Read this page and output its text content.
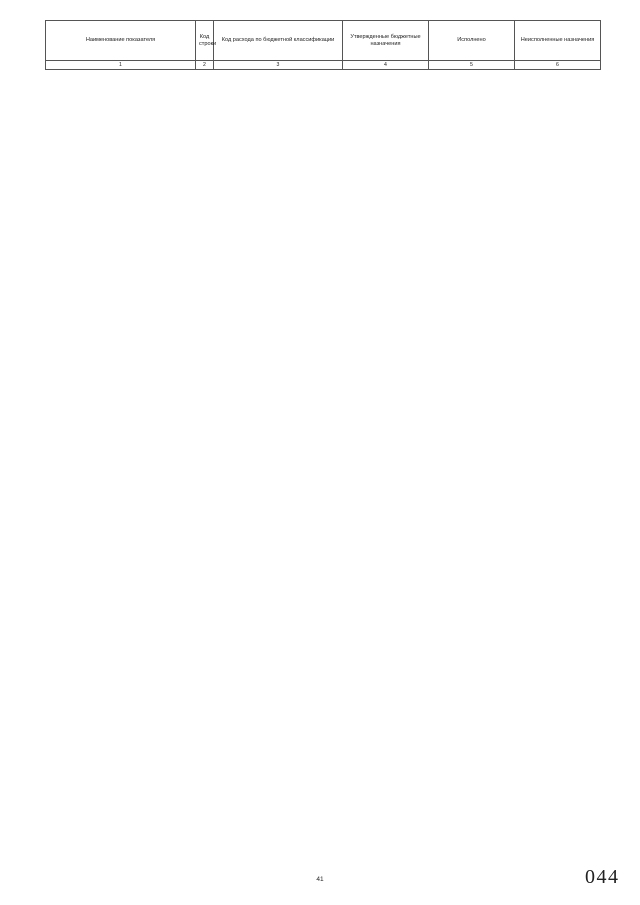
Наименование показателя	Код строки	Код расхода по бюджетной классификации	Утвержденные бюджетные назначения	Исполнено	Неисполненные назначения
1	2	3	4	5	6
41	044
